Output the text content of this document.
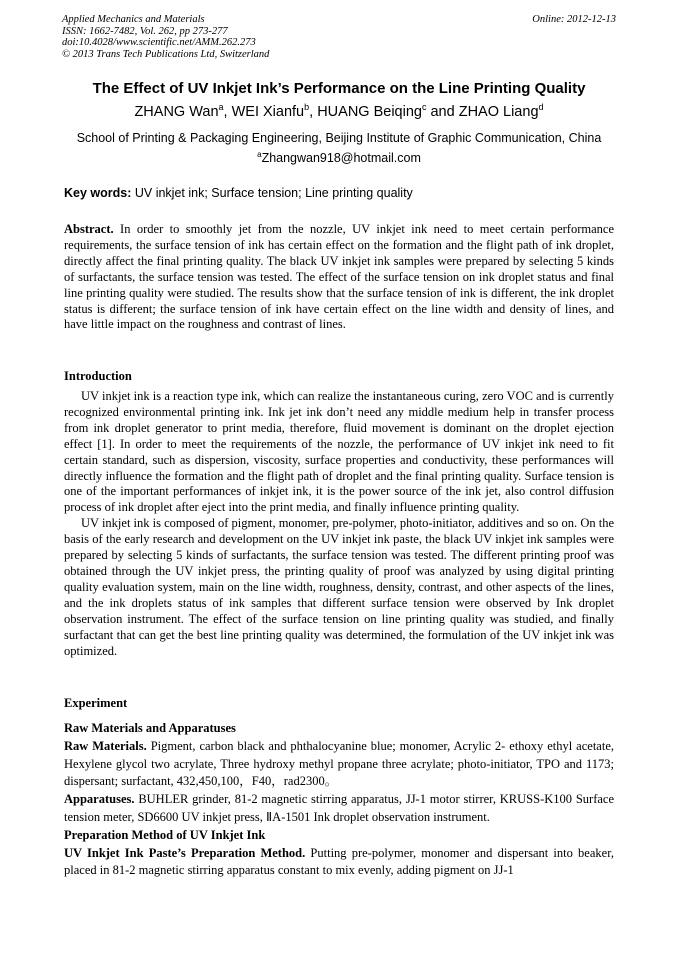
Applied Mechanics and Materials
ISSN: 1662-7482, Vol. 262, pp 273-277
doi:10.4028/www.scientific.net/AMM.262.273
© 2013 Trans Tech Publications Ltd, Switzerland
Online: 2012-12-13
The Effect of UV Inkjet Ink’s Performance on the Line Printing Quality
ZHANG Wan$^a$, WEI Xianfu$^b$, HUANG Beiqing$^c$ and ZHAO Liang$^d$
School of Printing & Packaging Engineering, Beijing Institute of Graphic Communication, China
$^a$Zhangwan918@hotmail.com
Key words: UV inkjet ink; Surface tension; Line printing quality

Abstract. In order to smoothly jet from the nozzle, UV inkjet ink need to meet certain performance requirements, the surface tension of ink has certain effect on the formation and the flight path of ink droplet, directly affect the final printing quality. The black UV inkjet ink samples were prepared by selecting 5 kinds of surfactants, the surface tension was tested. The effect of the surface tension on ink droplet status and final line printing quality were studied. The results show that the surface tension of ink is different, the ink droplet status is different; the surface tension of ink have certain effect on the line width and density of lines, and have little impact on the roughness and contrast of lines.

Introduction

UV inkjet ink is a reaction type ink, which can realize the instantaneous curing, zero VOC and is currently recognized environmental printing ink. Ink jet ink don’t need any middle medium help in transfer process from ink droplet generator to print media, therefore, fluid movement is dominant on the droplet ejection effect [1]. In order to meet the requirements of the nozzle, the performance of UV inkjet ink need to fit certain standard, such as dispersion, viscosity, surface properties and conductivity, these performances will directly influence the formation and the flight path of droplet and the final printing quality. Surface tension is one of the important performances of inkjet ink, it is the power source of the ink jet, also control diffusion process of ink droplet after eject into the print media, and finally influence printing quality.

UV inkjet ink is composed of pigment, monomer, pre-polymer, photo-initiator, additives and so on. On the basis of the early research and development on the UV inkjet ink paste, the black UV inkjet ink samples were prepared by selecting 5 kinds of surfactants, the surface tension was tested. The different printing proof was obtained through the UV inkjet press, the printing quality of proof was analyzed by using digital printing quality evaluation system, main on the line width, roughness, density, contrast, and other aspects of the lines, and the ink droplets status of ink samples that different surface tension were observed by Ink droplet observation instrument. The effect of the surface tension on line printing quality was studied, and finally surfactant that can get the best line printing quality was determined, the formulation of the UV inkjet ink was optimized.

Experiment

Raw Materials and Apparatuses

Raw Materials. Pigment, carbon black and phthalocyanine blue; monomer, Acrylic 2- ethoxy ethyl acetate, Hexylene glycol two acrylate, Three hydroxy methyl propane three acrylate; photo-initiator, TPO and 1173; dispersant; surfactant, 432,450,100，F40，rad2300。

Apparatuses. BUHLER grinder, 81-2 magnetic stirring apparatus, JJ-1 motor stirrer, KRUSS-K100 Surface tension meter, SD6600 UV inkjet press, ⅡA-1501 Ink droplet observation instrument.

Preparation Method of UV Inkjet Ink

UV Inkjet Ink Paste’s Preparation Method. Putting pre-polymer, monomer and dispersant into beaker, placed in 81-2 magnetic stirring apparatus constant to mix evenly, adding pigment on JJ-1
